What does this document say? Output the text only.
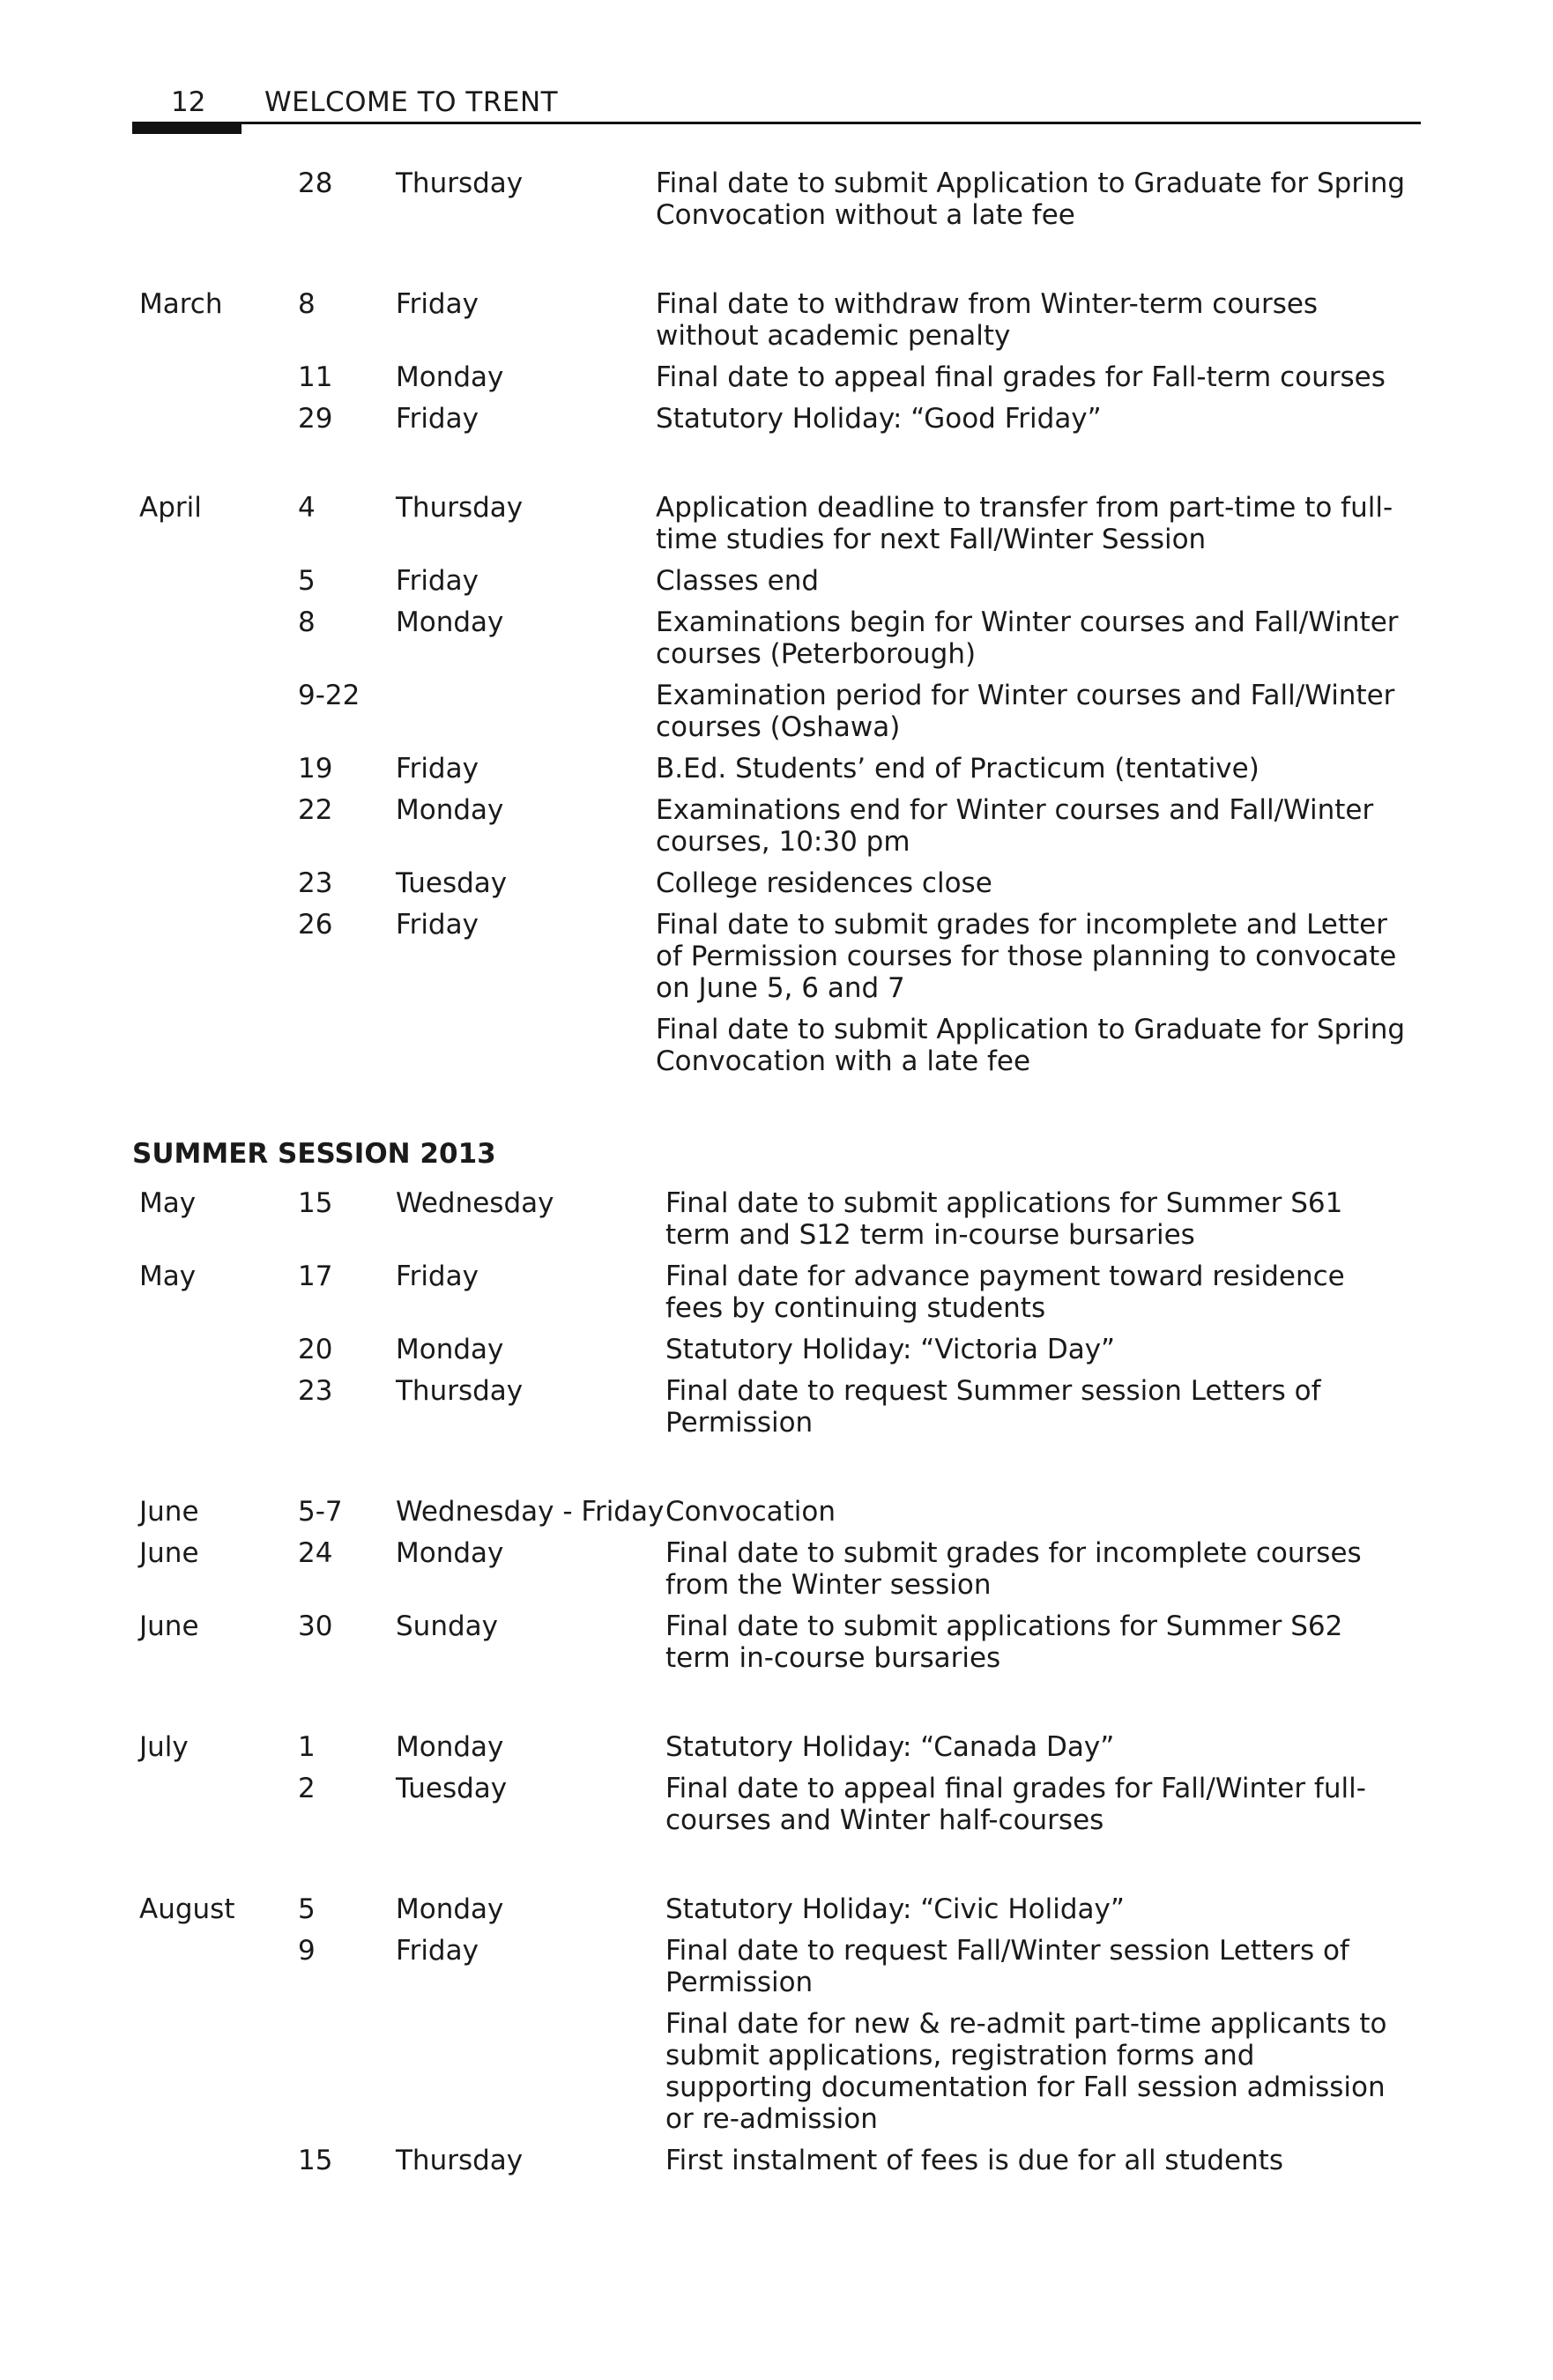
12 WELCOME TO TRENT
28	Thursday	Final date to submit Application to Graduate for Spring Convocation without a late fee
March	8	Friday	Final date to withdraw from Winter-term courses without academic penalty
11	Monday	Final date to appeal final grades for Fall-term courses
29	Friday	Statutory Holiday: “Good Friday”
April	4	Thursday	Application deadline to transfer from part-time to full-time studies for next Fall/Winter Session
5	Friday	Classes end
8	Monday	Examinations begin for Winter courses and Fall/Winter courses (Peterborough)
9-22	Examination period for Winter courses and Fall/Winter courses (Oshawa)
19	Friday	B.Ed. Students’ end of Practicum (tentative)
22	Monday	Examinations end for Winter courses and Fall/Winter courses, 10:30 pm
23	Tuesday	College residences close
26	Friday	Final date to submit grades for incomplete and Letter of Permission courses for those planning to convocate on June 5, 6 and 7
Final date to submit Application to Graduate for Spring Convocation with a late fee
SUMMER SESSION 2013
May	15	Wednesday	Final date to submit applications for Summer S61 term and S12 term in-course bursaries
May	17	Friday	Final date for advance payment toward residence fees by continuing students
20	Monday	Statutory Holiday: “Victoria Day”
23	Thursday	Final date to request Summer session Letters of Permission
June	5-7	Wednesday - Friday Convocation
June	24	Monday	Final date to submit grades for incomplete courses from the Winter session
June	30	Sunday	Final date to submit applications for Summer S62 term in-course bursaries
July	1	Monday	Statutory Holiday: “Canada Day”
2	Tuesday	Final date to appeal final grades for Fall/Winter full-courses and Winter half-courses
August	5	Monday	Statutory Holiday: “Civic Holiday”
9	Friday	Final date to request Fall/Winter session Letters of Permission
Final date for new & re-admit part-time applicants to submit applications, registration forms and supporting documentation for Fall session admission or re-admission
15	Thursday	First instalment of fees is due for all students
